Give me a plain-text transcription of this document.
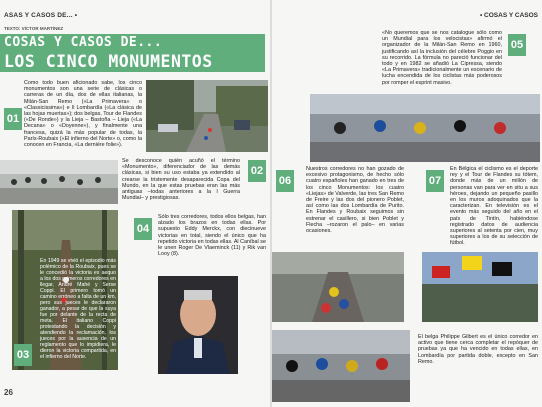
ASAS Y CASOS DE... •
TEXTO: VÍCTOR MARTÍNEZ
COSAS Y CASOS DE...
LOS CINCO MONUMENTOS
01
Como todo buen aficionado sabe, los cinco monumentos son una serie de clásicas o carreras de un día, dos de ellas italianas, la Milán-San Remo («La Primavera» o «Classicissima») e Il Lombardía («La clásica de las hojas muertas»); dos belgas, Tour de Flandes («De Ronde») y la Lieja – Bastoña – Lieja («La Decana» o «Doyenne»), y finalmente una francesa, quizá la más popular de todas, la París-Roubaix («El infierno del Norte» o, como la conocen en Francia, «La dernière folie»).
Se desconoce quién acuñó el término «Monumento», diferenciador de las demás clásicas, si bien su uso estaba ya extendido al crearse la tristemente desaparecida Copa del Mundo, en la que estas pruebas eran las más antiguas –todas anteriores a la I Guerra Mundial– y prestigiosas.
02
En 1949 se vivió el episodio más polémico de la Roubaix, pues se le concedió la victoria ex aequo a los dos primeros corredores en llegar, André Mahé y Serse Coppi. El primero tomó un camino erróneo a falta de un km, pero sus jueces le declararon ganador, a pesar de que la suya fue por delante de la recta de meta. El italiano Coppi protestando la decisión y atendiendo la reclamación, los jueces por la ausencia de un reglamento que lo impidiera, le dieron la victoria compartida, en el infierno del Norte.
03
04
Sólo tres corredores, todos ellos belgas, han alzado los brazos en todas ellas. Por supuesto Eddy Merckx, con diecinueve victorias en total, siendo el único que ha repetido victoria en todas ellas. Al Caníbal se le unen Roger De Vlaeminck (11) y Rik van Looy (8).
26
• COSAS Y CASOS
«No queremos que se nos catalogue sólo como un Mundial para los velocistas» afirmó el organizador de la Milán-San Remo en 1960, justificando así la inclusión del célebre Poggio en su recorrido. La fórmula no pareció funcionar del todo y en 1982 se añadió La Cipressa, siendo «La Primavera» tradicionalmente un escenario de lucha encendida de los ciclistas más poderosos por romper el esprint masivo.
05
Nuestros corredores no han gozado de excesivo protagonismo, de hecho sólo cuatro españoles han ganado en tres de los cinco Monumentos: los cuatro «Liejas» de Valverde, las tres San Remo de Freire y las dos del pionero Poblet, así como las dos Lombardía de Purito. En Flandes y Roubaix seguimos sin estrenar el casillero, si bien Poblet y Flecha –rozaron el palo– en varias ocasiones.
06	07
En Bélgica el ciclismo es el deporte rey y el Tour de Flandes su tótem, donde más de un millón de personas van para ver en situ a sus héroes, dejando un pequeño pasillo en los muros adoquinados que la caracterizan. En televisión es el evento más seguido del año en el país de Tintín, habiéndose registrado datos de audiencia superiores al setenta por cien, muy superiores a los de su selección de fútbol.
El belga Philippe Gilbert es el único corredor en activo que tiene cerca completar el repóquer de pruebas ya que ha vencido en todas ellas, en Lombardía por partida doble, excepto en San Remo.
